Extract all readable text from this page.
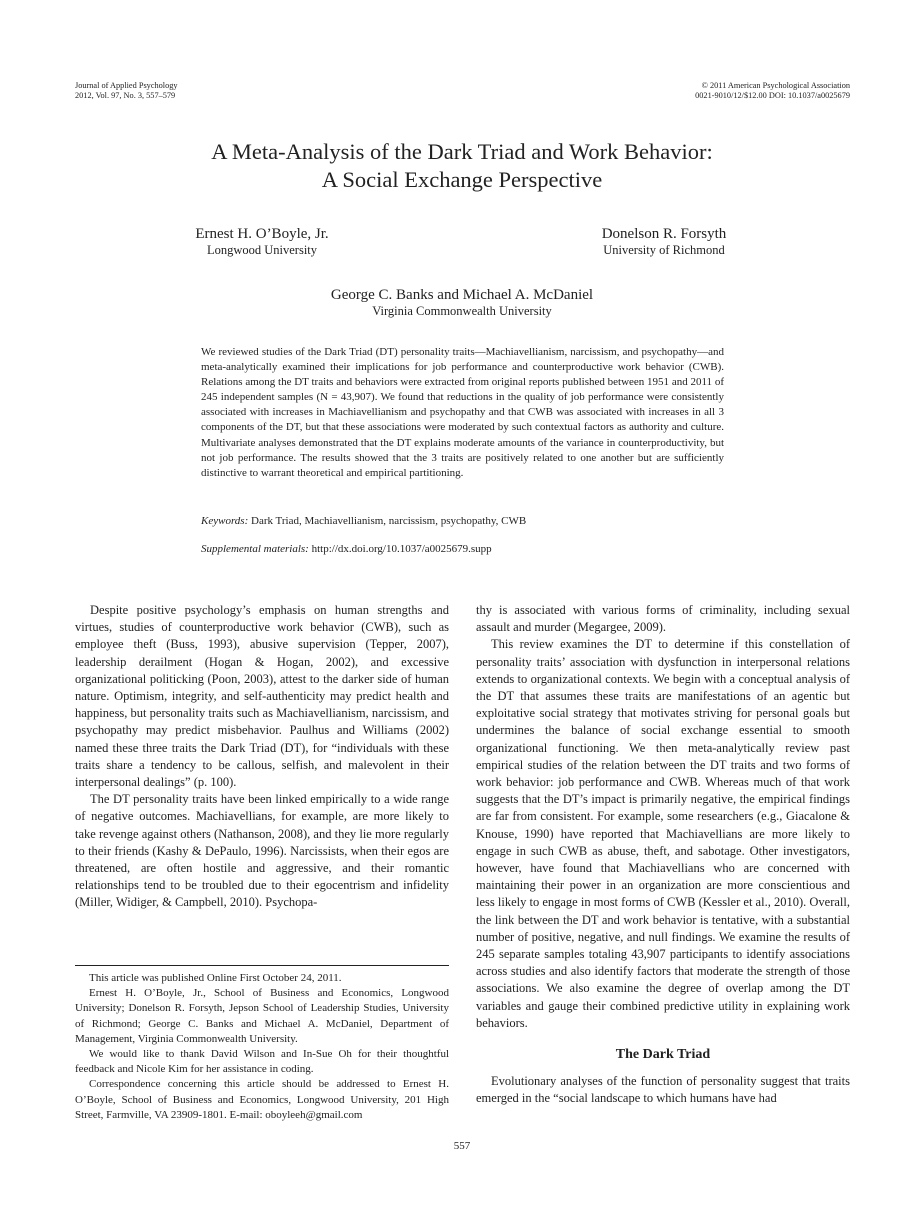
Journal of Applied Psychology
2012, Vol. 97, No. 3, 557–579
© 2011 American Psychological Association
0021-9010/12/$12.00 DOI: 10.1037/a0025679
A Meta-Analysis of the Dark Triad and Work Behavior:
A Social Exchange Perspective
Ernest H. O’Boyle, Jr.
Longwood University
Donelson R. Forsyth
University of Richmond
George C. Banks and Michael A. McDaniel
Virginia Commonwealth University

We reviewed studies of the Dark Triad (DT) personality traits—Machiavellianism, narcissism, and psychopathy—and meta-analytically examined their implications for job performance and counterproductive work behavior (CWB). Relations among the DT traits and behaviors were extracted from original reports published between 1951 and 2011 of 245 independent samples (N = 43,907). We found that reductions in the quality of job performance were consistently associated with increases in Machiavellianism and psychopathy and that CWB was associated with increases in all 3 components of the DT, but that these associations were moderated by such contextual factors as authority and culture. Multivariate analyses demonstrated that the DT explains moderate amounts of the variance in counterproductivity, but not job performance. The results showed that the 3 traits are positively related to one another but are sufficiently distinctive to warrant theoretical and empirical partitioning.

Keywords: Dark Triad, Machiavellianism, narcissism, psychopathy, CWB
Supplemental materials: http://dx.doi.org/10.1037/a0025679.supp

Despite positive psychology’s emphasis on human strengths and virtues, studies of counterproductive work behavior (CWB), such as employee theft (Buss, 1993), abusive supervision (Tepper, 2007), leadership derailment (Hogan & Hogan, 2002), and excessive organizational politicking (Poon, 2003), attest to the darker side of human nature. Optimism, integrity, and self-authenticity may predict health and happiness, but personality traits such as Machiavellianism, narcissism, and psychopathy may predict misbehavior. Paulhus and Williams (2002) named these three traits the Dark Triad (DT), for “individuals with these traits share a tendency to be callous, selfish, and malevolent in their interpersonal dealings” (p. 100).

The DT personality traits have been linked empirically to a wide range of negative outcomes. Machiavellians, for example, are more likely to take revenge against others (Nathanson, 2008), and they lie more regularly to their friends (Kashy & DePaulo, 1996). Narcissists, when their egos are threatened, are often hostile and aggressive, and their romantic relationships tend to be troubled due to their egocentrism and infidelity (Miller, Widiger, & Campbell, 2010). Psychopa-

This article was published Online First October 24, 2011.

Ernest H. O’Boyle, Jr., School of Business and Economics, Longwood University; Donelson R. Forsyth, Jepson School of Leadership Studies, University of Richmond; George C. Banks and Michael A. McDaniel, Department of Management, Virginia Commonwealth University.

We would like to thank David Wilson and In-Sue Oh for their thoughtful feedback and Nicole Kim for her assistance in coding.

Correspondence concerning this article should be addressed to Ernest H. O’Boyle, School of Business and Economics, Longwood University, 201 High Street, Farmville, VA 23909-1801. E-mail: oboyleeh@gmail.com

thy is associated with various forms of criminality, including sexual assault and murder (Megargee, 2009).

This review examines the DT to determine if this constellation of personality traits’ association with dysfunction in interpersonal relations extends to organizational contexts. We begin with a conceptual analysis of the DT that assumes these traits are manifestations of an agentic but exploitative social strategy that motivates striving for personal goals but undermines the balance of social exchange essential to smooth organizational functioning. We then meta-analytically review past empirical studies of the relation between the DT traits and two forms of work behavior: job performance and CWB. Whereas much of that work suggests that the DT’s impact is primarily negative, the empirical findings are far from consistent. For example, some researchers (e.g., Giacalone & Knouse, 1990) have reported that Machiavellians are more likely to engage in such CWB as abuse, theft, and sabotage. Other investigators, however, have found that Machiavellians who are concerned with maintaining their power in an organization are more conscientious and less likely to engage in most forms of CWB (Kessler et al., 2010). Overall, the link between the DT and work behavior is tentative, with a substantial number of positive, negative, and null findings. We examine the results of 245 separate samples totaling 43,907 participants to identify associations across studies and also identify factors that moderate the strength of those associations. We also examine the degree of overlap among the DT variables and gauge their combined predictive utility in explaining work behaviors.

The Dark Triad

Evolutionary analyses of the function of personality suggest that traits emerged in the “social landscape to which humans have had

557
